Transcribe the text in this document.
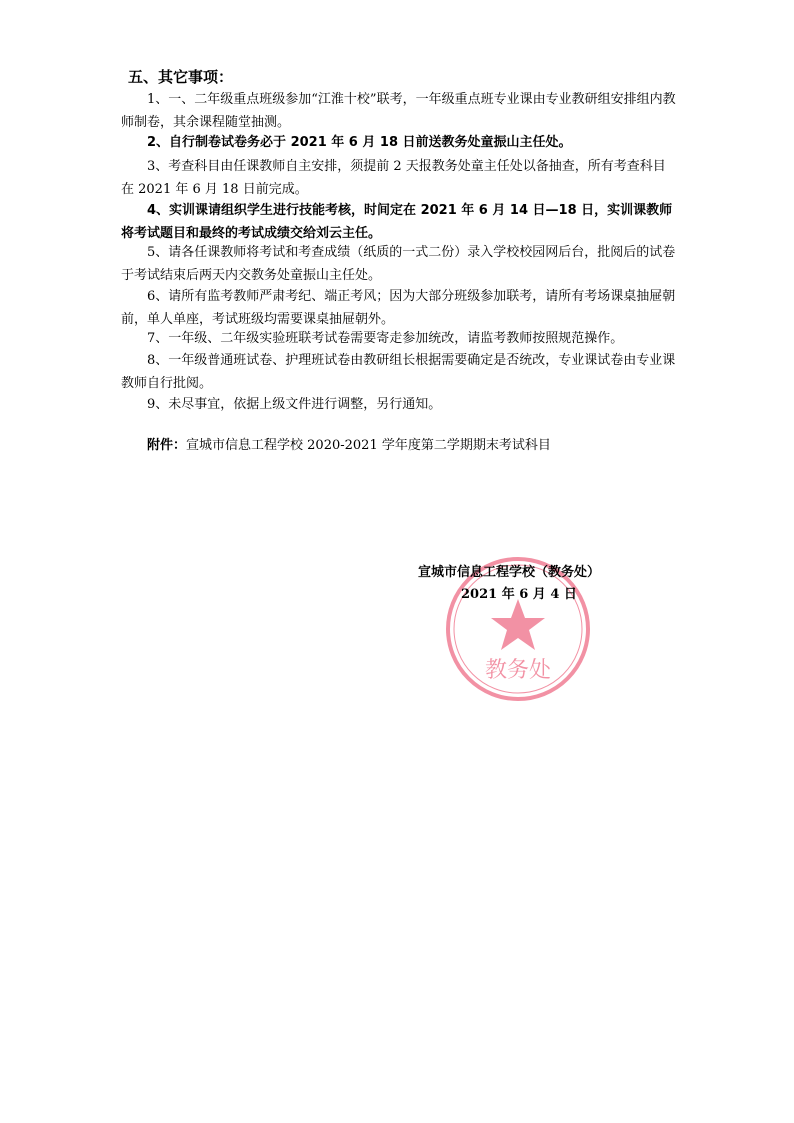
五、其它事项：

1、一、二年级重点班级参加“江淮十校”联考，一年级重点班专业课由专业教研组安排组内教师制卷，其余课程随堂抽测。

2、自行制卷试卷务必于 2021 年 6 月 18 日前送教务处童振山主任处。

3、考查科目由任课教师自主安排，须提前 2 天报教务处童主任处以备抽查，所有考查科目在 2021 年 6 月 18 日前完成。

4、实训课请组织学生进行技能考核，时间定在 2021 年 6 月 14 日—18 日，实训课教师将考试题目和最终的考试成绩交给刘云主任。

5、请各任课教师将考试和考查成绩（纸质的一式二份）录入学校校园网后台，批阅后的试卷于考试结束后两天内交教务处童振山主任处。

6、请所有监考教师严肃考纪、端正考风；因为大部分班级参加联考，请所有考场课桌抽屉朝前，单人单座，考试班级均需要课桌抽屉朝外。

7、一年级、二年级实验班联考试卷需要寄走参加统改，请监考教师按照规范操作。

8、一年级普通班试卷、护理班试卷由教研组长根据需要确定是否统改，专业课试卷由专业课教师自行批阅。

9、未尽事宜，依据上级文件进行调整，另行通知。

附件：宣城市信息工程学校 2020-2021 学年度第二学期期末考试科目

教务处
宣城市信息工程学校（教务处）
2021 年 6 月 4 日
